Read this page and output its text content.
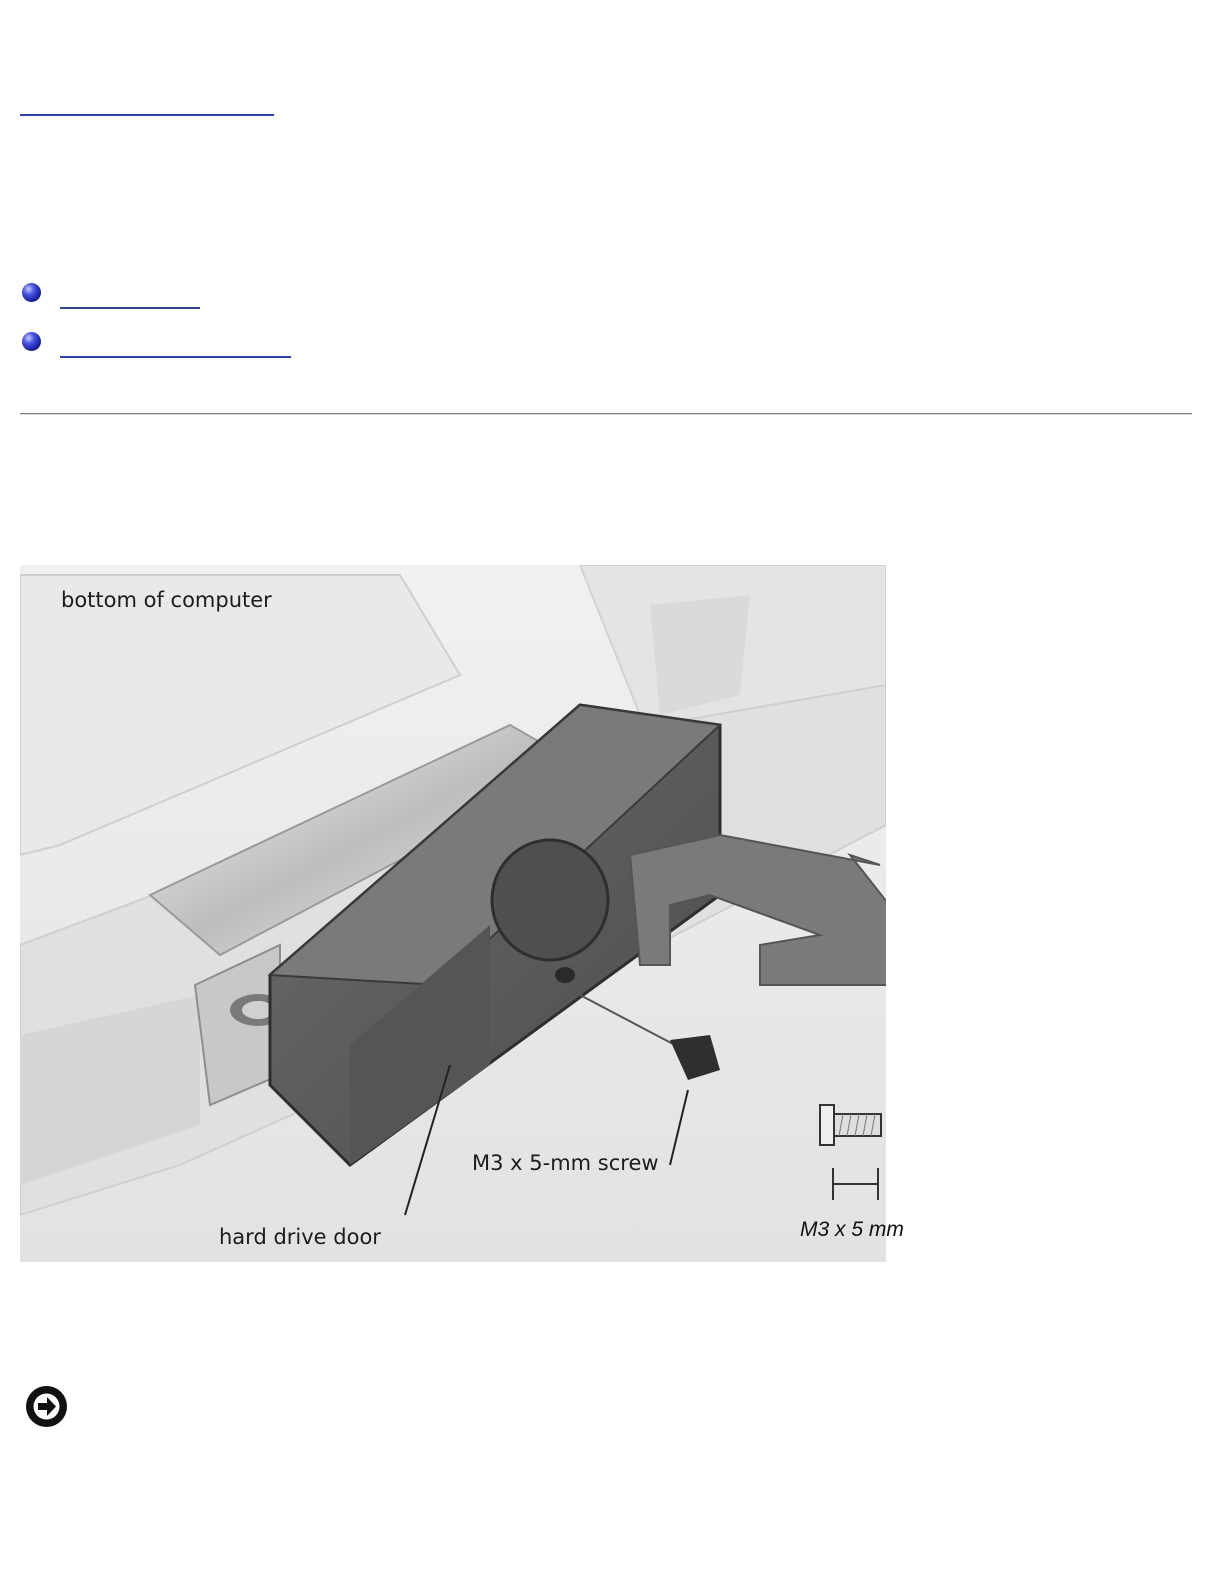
bottom of computer
M3 x 5-mm screw
hard drive door	M3 x 5 mm
